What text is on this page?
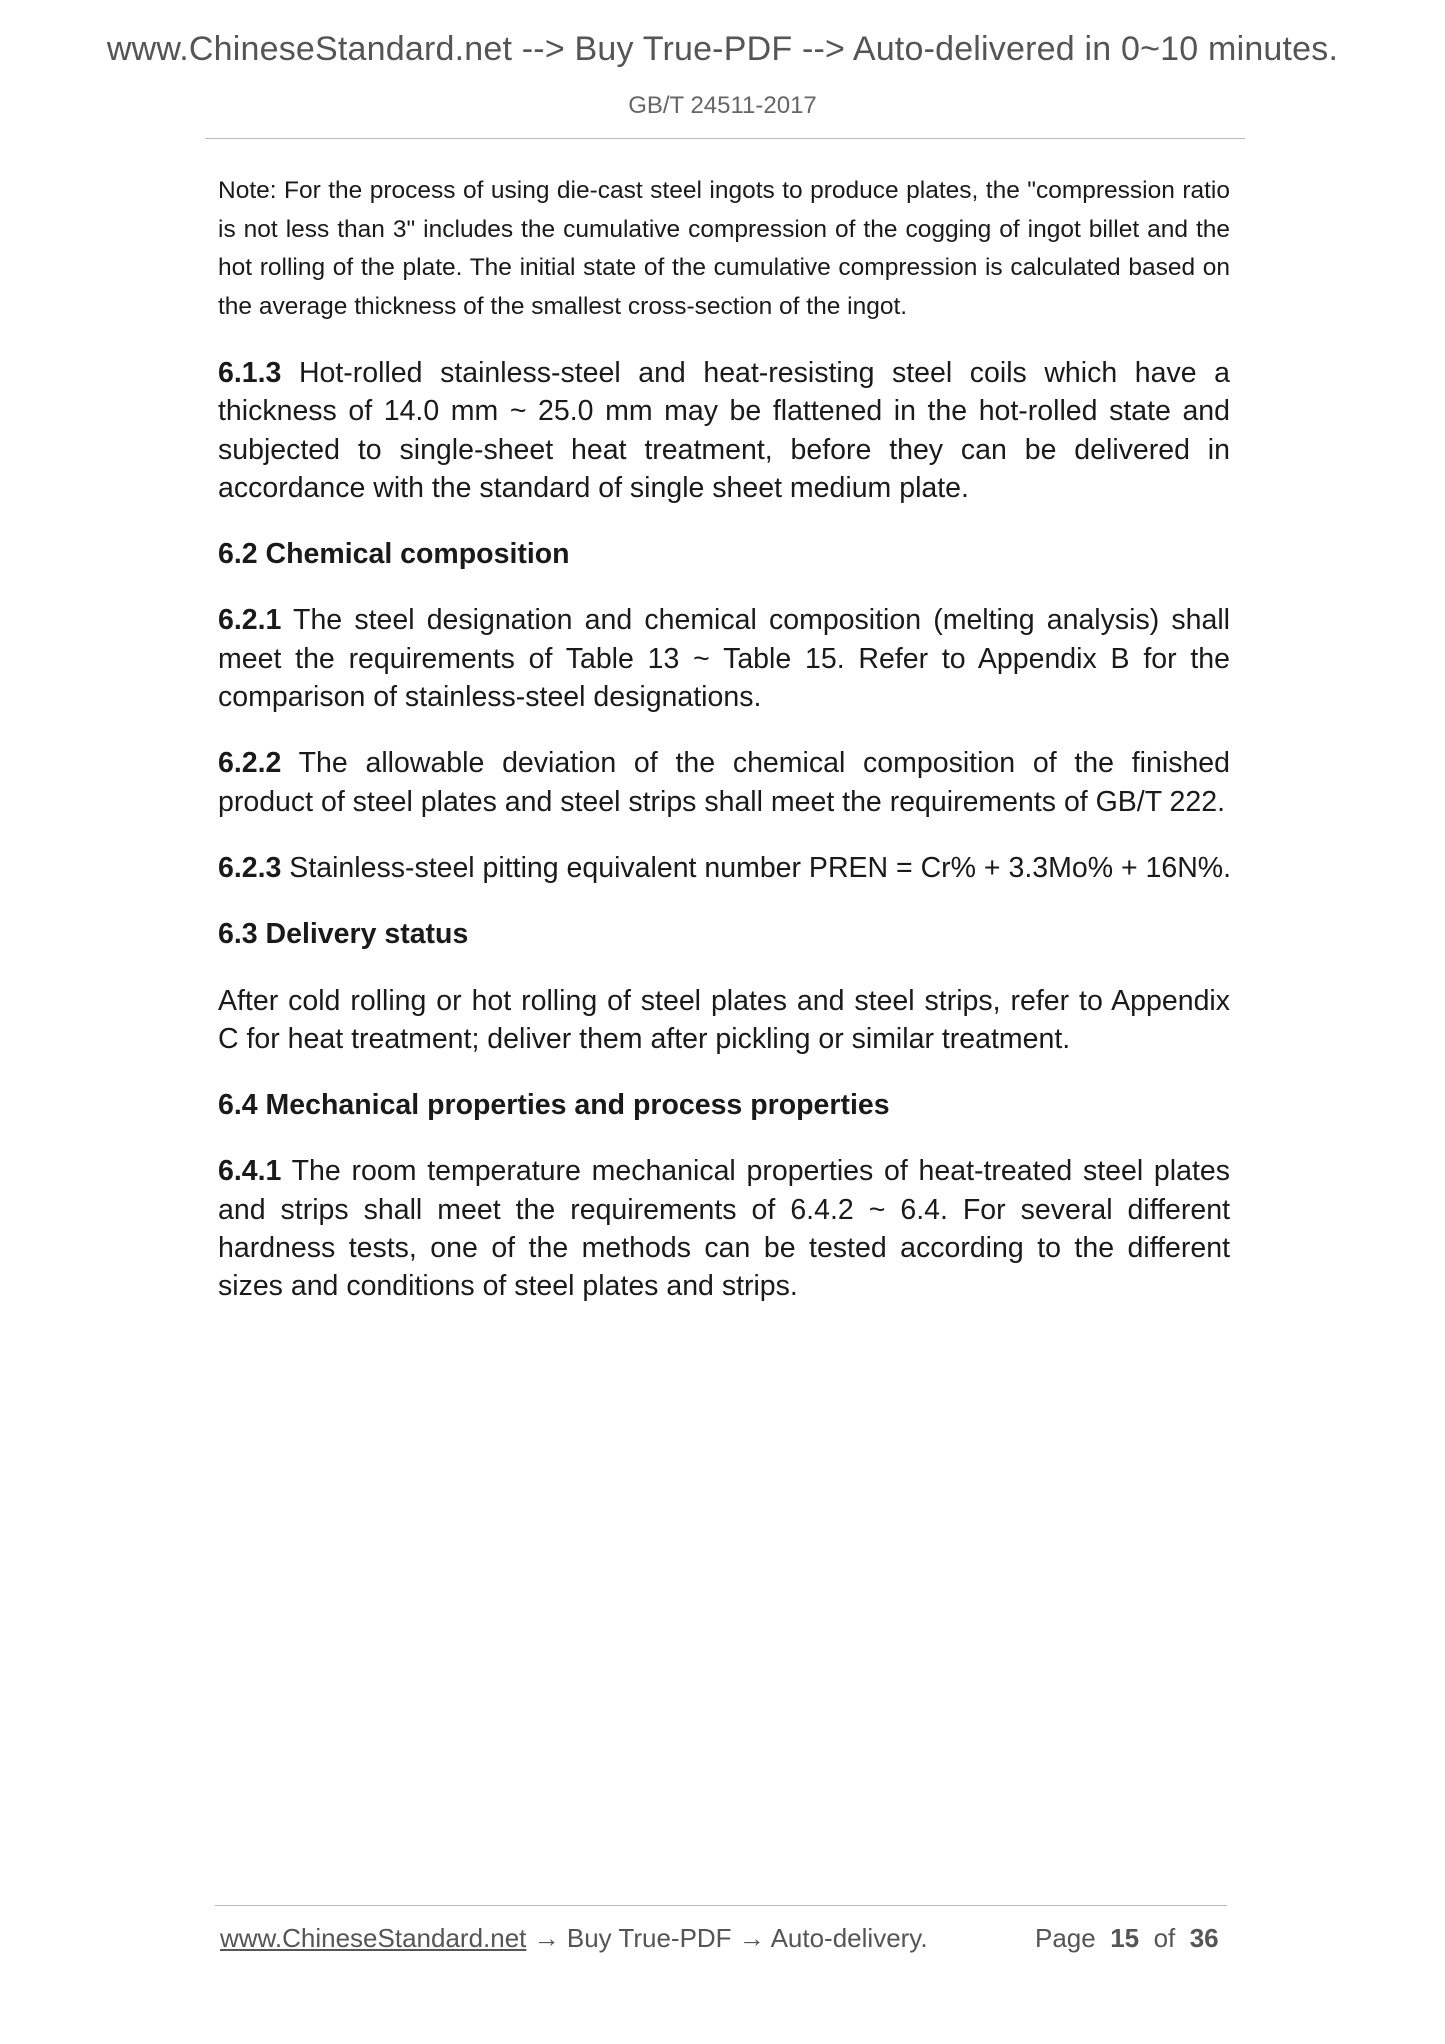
www.ChineseStandard.net --> Buy True-PDF --> Auto-delivered in 0~10 minutes.
GB/T 24511-2017

Note: For the process of using die-cast steel ingots to produce plates, the "compression ratio is not less than 3" includes the cumulative compression of the cogging of ingot billet and the hot rolling of the plate. The initial state of the cumulative compression is calculated based on the average thickness of the smallest cross-section of the ingot.

6.1.3 Hot-rolled stainless-steel and heat-resisting steel coils which have a thickness of 14.0 mm ~ 25.0 mm may be flattened in the hot-rolled state and subjected to single-sheet heat treatment, before they can be delivered in accordance with the standard of single sheet medium plate.

6.2 Chemical composition

6.2.1 The steel designation and chemical composition (melting analysis) shall meet the requirements of Table 13 ~ Table 15. Refer to Appendix B for the comparison of stainless-steel designations.

6.2.2 The allowable deviation of the chemical composition of the finished product of steel plates and steel strips shall meet the requirements of GB/T 222.

6.2.3 Stainless-steel pitting equivalent number PREN = Cr% + 3.3Mo% + 16N%.

6.3 Delivery status

After cold rolling or hot rolling of steel plates and steel strips, refer to Appendix C for heat treatment; deliver them after pickling or similar treatment.

6.4 Mechanical properties and process properties

6.4.1 The room temperature mechanical properties of heat-treated steel plates and strips shall meet the requirements of 6.4.2 ~ 6.4. For several different hardness tests, one of the methods can be tested according to the different sizes and conditions of steel plates and strips.

www.ChineseStandard.net → Buy True-PDF → Auto-delivery.	Page 15 of 36
